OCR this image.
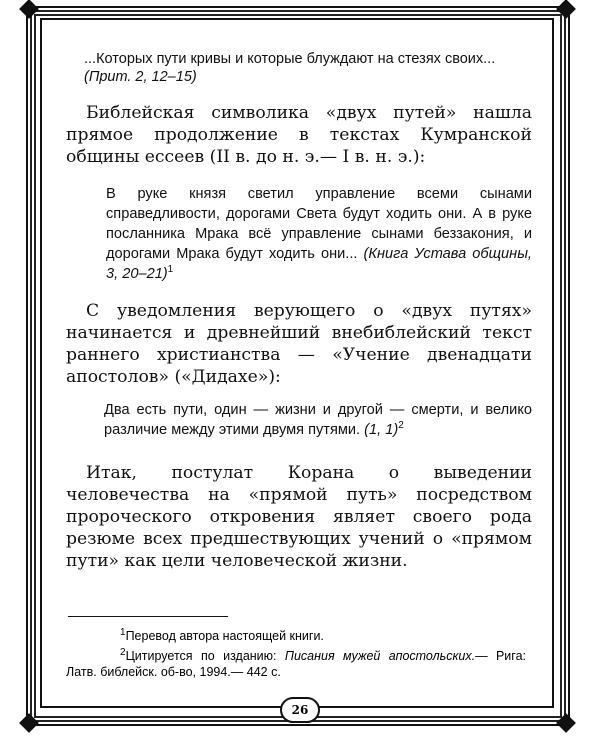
...Которых пути кривы и которые блуждают на стезях своих... (Прит. 2, 12–15)

Библейская символика «двух путей» нашла прямое продолжение в текстах Кумранской общины ессеев (II в. до н. э.— I в. н. э.):

В руке князя светил управление всеми сынами справедливости, дорогами Света будут ходить они. А в руке посланника Мрака всё управление сынами беззакония, и дорогами Мрака будут ходить они... (Книга Устава общины, 3, 20–21)$^1$

С уведомления верующего о «двух путях» начинается и древнейший внебиблейский текст раннего христианства — «Учение двенадцати апостолов» («Дидахе»):

Два есть пути, один — жизни и другой — смерти, и велико различие между этими двумя путями. (1, 1)$^2$

Итак, постулат Корана о выведении человечества на «прямой путь» посредством пророческого откровения являет своего рода резюме всех предшествующих учений о «прямом пути» как цели человеческой жизни.

$^1$Перевод автора настоящей книги.

$^2$Цитируется по изданию: Писания мужей апостольских.— Рига: Латв. библейск. об-во, 1994.— 442 с.

26
